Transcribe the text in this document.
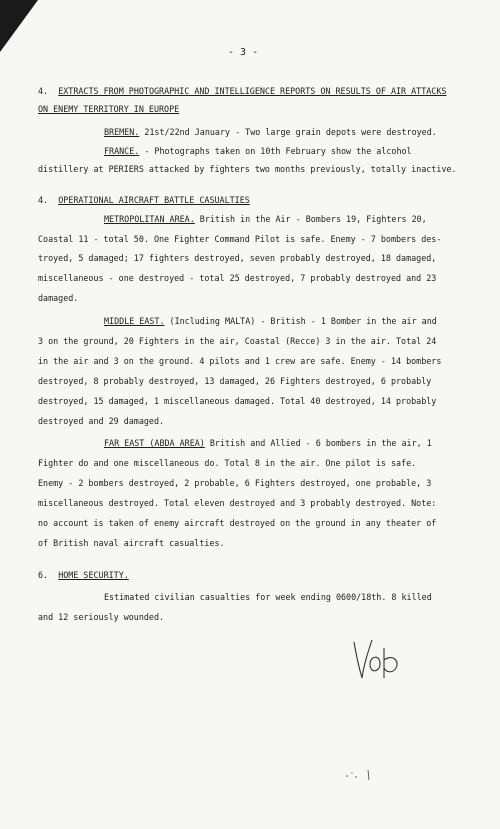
- 3 -
4. EXTRACTS FROM PHOTOGRAPHIC AND INTELLIGENCE REPORTS ON RESULTS OF AIR ATTACKS
ON ENEMY TERRITORY IN EUROPE
BREMEN. 21st/22nd January - Two large grain depots were destroyed.
FRANCE. - Photographs taken on 10th February show the alcohol
distillery at PERIERS attacked by fighters two months previously, totally inactive.
4. OPERATIONAL AIRCRAFT BATTLE CASUALTIES
METROPOLITAN AREA. British in the Air - Bombers 19, Fighters 20,
Coastal 11 - total 50. One Fighter Command Pilot is safe. Enemy - 7 bombers des-
troyed, 5 damaged; 17 fighters destroyed, seven probably destroyed, 18 damaged,
miscellaneous - one destroyed - total 25 destroyed, 7 probably destroyed and 23
damaged.
MIDDLE EAST. (Including MALTA) - British - 1 Bomber in the air and
3 on the ground, 20 Fighters in the air, Coastal (Recce) 3 in the air. Total 24
in the air and 3 on the ground. 4 pilots and 1 crew are safe. Enemy - 14 bombers
destroyed, 8 probably destroyed, 13 damaged, 26 Fighters destroyed, 6 probably
destroyed, 15 damaged, 1 miscellaneous damaged. Total 40 destroyed, 14 probably
destroyed and 29 damaged.
FAR EAST (ABDA AREA) British and Allied - 6 bombers in the air, 1
Fighter do and one miscellaneous do. Total 8 in the air. One pilot is safe.
Enemy - 2 bombers destroyed, 2 probable, 6 Fighters destroyed, one probable, 3
miscellaneous destroyed. Total eleven destroyed and 3 probably destroyed. Note:
no account is taken of enemy aircraft destroyed on the ground in any theater of
of British naval aircraft casualties.
6. HOME SECURITY.
Estimated civilian casualties for week ending 0600/18th. 8 killed
and 12 seriously wounded.
